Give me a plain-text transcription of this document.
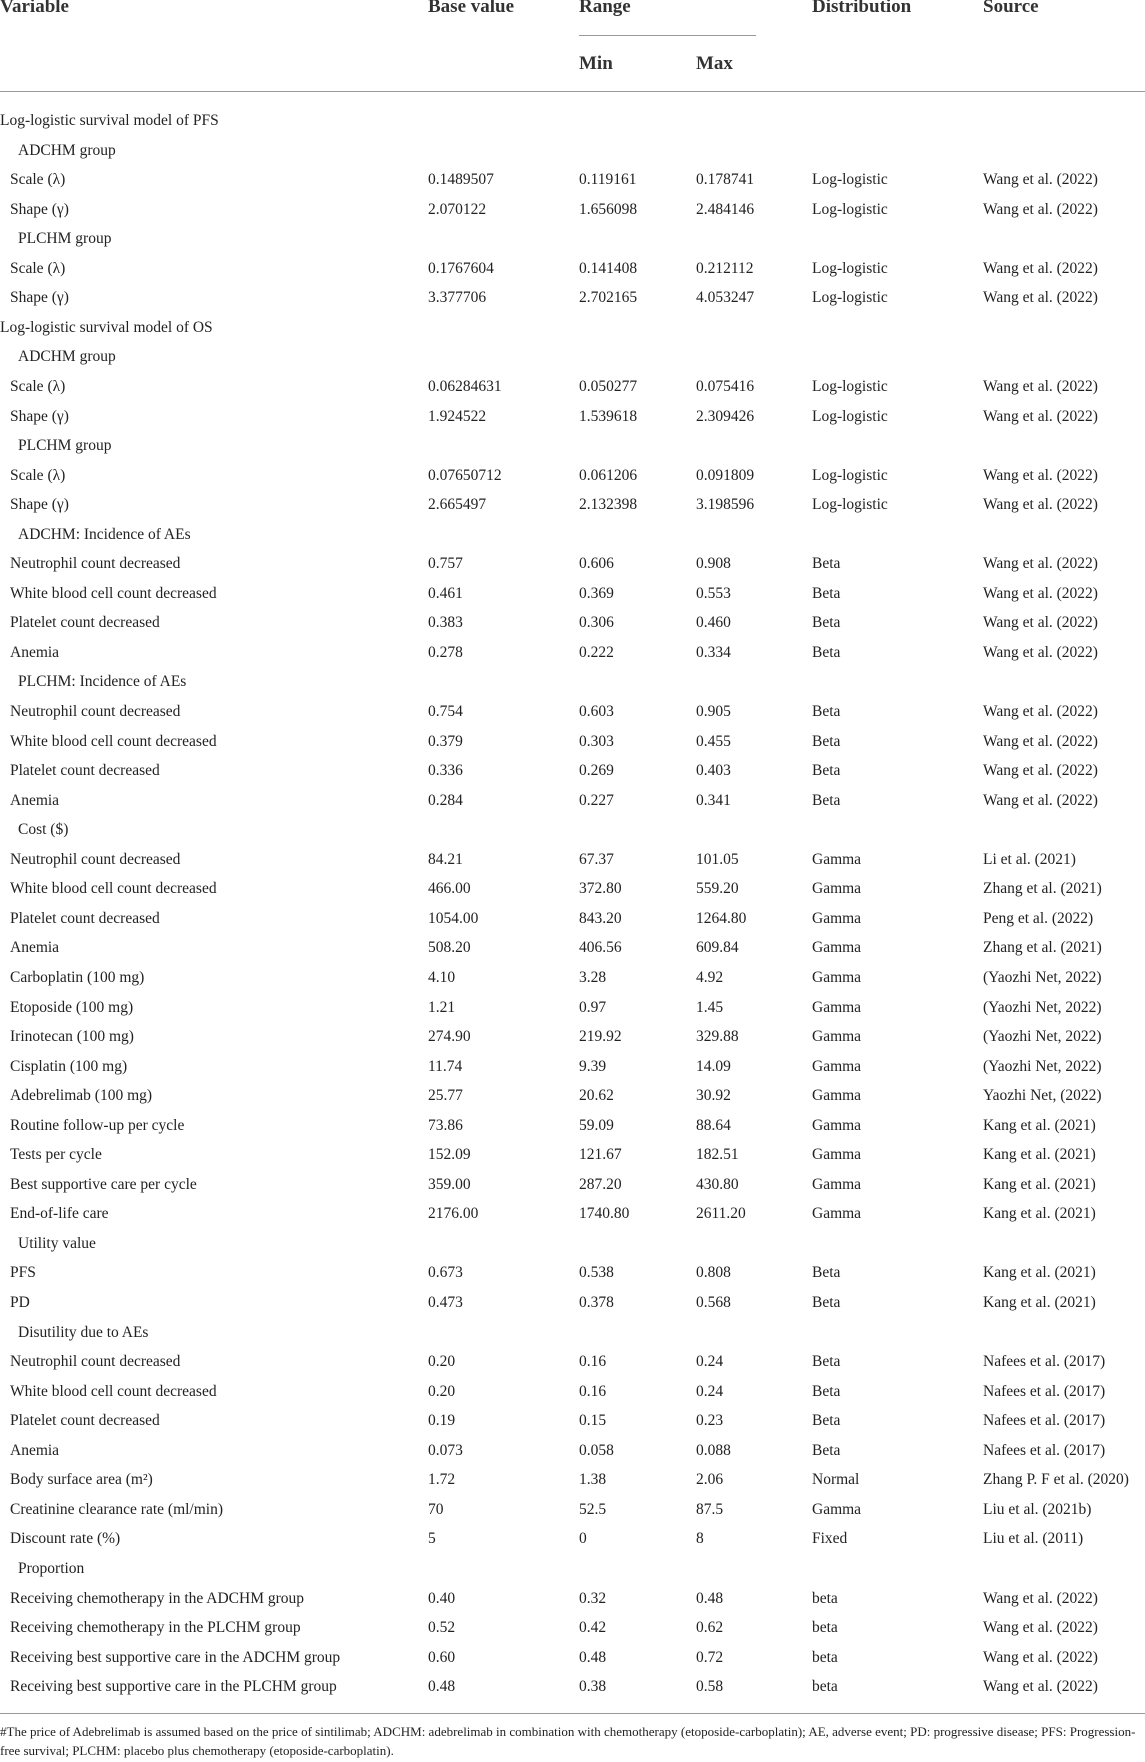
Variable	Base value	Range	Distribution	Source
Min	Max
Log-logistic survival model of PFS
ADCHM group
Scale (λ)	0.1489507	0.119161	0.178741	Log-logistic	Wang et al. (2022)
Shape (γ)	2.070122	1.656098	2.484146	Log-logistic	Wang et al. (2022)
PLCHM group
Scale (λ)	0.1767604	0.141408	0.212112	Log-logistic	Wang et al. (2022)
Shape (γ)	3.377706	2.702165	4.053247	Log-logistic	Wang et al. (2022)
Log-logistic survival model of OS
ADCHM group
Scale (λ)	0.06284631	0.050277	0.075416	Log-logistic	Wang et al. (2022)
Shape (γ)	1.924522	1.539618	2.309426	Log-logistic	Wang et al. (2022)
PLCHM group
Scale (λ)	0.07650712	0.061206	0.091809	Log-logistic	Wang et al. (2022)
Shape (γ)	2.665497	2.132398	3.198596	Log-logistic	Wang et al. (2022)
ADCHM: Incidence of AEs
Neutrophil count decreased	0.757	0.606	0.908	Beta	Wang et al. (2022)
White blood cell count decreased	0.461	0.369	0.553	Beta	Wang et al. (2022)
Platelet count decreased	0.383	0.306	0.460	Beta	Wang et al. (2022)
Anemia	0.278	0.222	0.334	Beta	Wang et al. (2022)
PLCHM: Incidence of AEs
Neutrophil count decreased	0.754	0.603	0.905	Beta	Wang et al. (2022)
White blood cell count decreased	0.379	0.303	0.455	Beta	Wang et al. (2022)
Platelet count decreased	0.336	0.269	0.403	Beta	Wang et al. (2022)
Anemia	0.284	0.227	0.341	Beta	Wang et al. (2022)
Cost ($)
Neutrophil count decreased	84.21	67.37	101.05	Gamma	Li et al. (2021)
White blood cell count decreased	466.00	372.80	559.20	Gamma	Zhang et al. (2021)
Platelet count decreased	1054.00	843.20	1264.80	Gamma	Peng et al. (2022)
Anemia	508.20	406.56	609.84	Gamma	Zhang et al. (2021)
Carboplatin (100 mg)	4.10	3.28	4.92	Gamma	(Yaozhi Net, 2022)
Etoposide (100 mg)	1.21	0.97	1.45	Gamma	(Yaozhi Net, 2022)
Irinotecan (100 mg)	274.90	219.92	329.88	Gamma	(Yaozhi Net, 2022)
Cisplatin (100 mg)	11.74	9.39	14.09	Gamma	(Yaozhi Net, 2022)
Adebrelimab (100 mg)	25.77	20.62	30.92	Gamma	Yaozhi Net, (2022)
Routine follow-up per cycle	73.86	59.09	88.64	Gamma	Kang et al. (2021)
Tests per cycle	152.09	121.67	182.51	Gamma	Kang et al. (2021)
Best supportive care per cycle	359.00	287.20	430.80	Gamma	Kang et al. (2021)
End-of-life care	2176.00	1740.80	2611.20	Gamma	Kang et al. (2021)
Utility value
PFS	0.673	0.538	0.808	Beta	Kang et al. (2021)
PD	0.473	0.378	0.568	Beta	Kang et al. (2021)
Disutility due to AEs
Neutrophil count decreased	0.20	0.16	0.24	Beta	Nafees et al. (2017)
White blood cell count decreased	0.20	0.16	0.24	Beta	Nafees et al. (2017)
Platelet count decreased	0.19	0.15	0.23	Beta	Nafees et al. (2017)
Anemia	0.073	0.058	0.088	Beta	Nafees et al. (2017)
Body surface area (m²)	1.72	1.38	2.06	Normal	Zhang P. F et al. (2020)
Creatinine clearance rate (ml/min)	70	52.5	87.5	Gamma	Liu et al. (2021b)
Discount rate (%)	5	0	8	Fixed	Liu et al. (2011)
Proportion
Receiving chemotherapy in the ADCHM group	0.40	0.32	0.48	beta	Wang et al. (2022)
Receiving chemotherapy in the PLCHM group	0.52	0.42	0.62	beta	Wang et al. (2022)
Receiving best supportive care in the ADCHM group	0.60	0.48	0.72	beta	Wang et al. (2022)
Receiving best supportive care in the PLCHM group	0.48	0.38	0.58	beta	Wang et al. (2022)
#The price of Adebrelimab is assumed based on the price of sintilimab; ADCHM: adebrelimab in combination with chemotherapy (etoposide-carboplatin); AE, adverse event; PD: progressive disease; PFS: Progression-free survival; PLCHM: placebo plus chemotherapy (etoposide-carboplatin).
